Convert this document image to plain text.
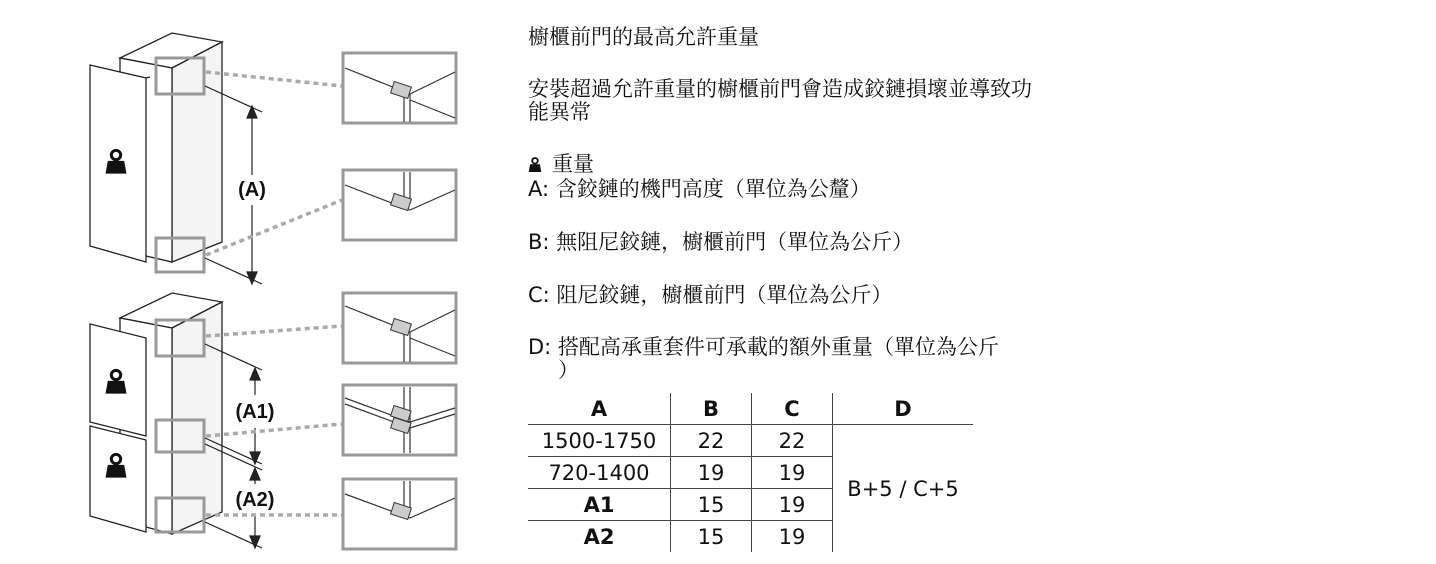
(A)
(A1)
(A2)
櫥櫃前門的最高允許重量
安裝超過允許重量的櫥櫃前門會造成鉸鏈損壞並導致功
能異常
重量
A: 含鉸鏈的機門高度（單位為公釐）
B: 無阻尼鉸鏈，櫥櫃前門（單位為公斤）
C: 阻尼鉸鏈，櫥櫃前門（單位為公斤）
D: 搭配高承重套件可承載的額外重量（單位為公斤
）
A	B	C	D
1500-1750	22	22	B+5 / C+5
720-1400	19	19	
A1	15	19	
A2	15	19	
